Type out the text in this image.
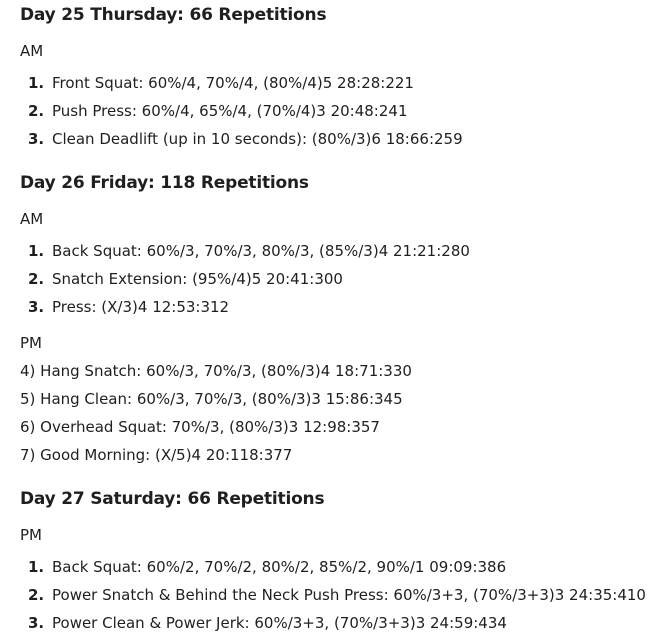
Day 25 Thursday: 66 Repetitions
AM
1. Front Squat: 60%/4, 70%/4, (80%/4)5 28:28:221
2. Push Press: 60%/4, 65%/4, (70%/4)3 20:48:241
3. Clean Deadlift (up in 10 seconds): (80%/3)6 18:66:259
Day 26 Friday: 118 Repetitions
AM
1. Back Squat: 60%/3, 70%/3, 80%/3, (85%/3)4 21:21:280
2. Snatch Extension: (95%/4)5 20:41:300
3. Press: (X/3)4 12:53:312
PM
4) Hang Snatch: 60%/3, 70%/3, (80%/3)4 18:71:330
5) Hang Clean: 60%/3, 70%/3, (80%/3)3 15:86:345
6) Overhead Squat: 70%/3, (80%/3)3 12:98:357
7) Good Morning: (X/5)4 20:118:377
Day 27 Saturday: 66 Repetitions
PM
1. Back Squat: 60%/2, 70%/2, 80%/2, 85%/2, 90%/1 09:09:386
2. Power Snatch & Behind the Neck Push Press: 60%/3+3, (70%/3+3)3 24:35:410
3. Power Clean & Power Jerk: 60%/3+3, (70%/3+3)3 24:59:434
